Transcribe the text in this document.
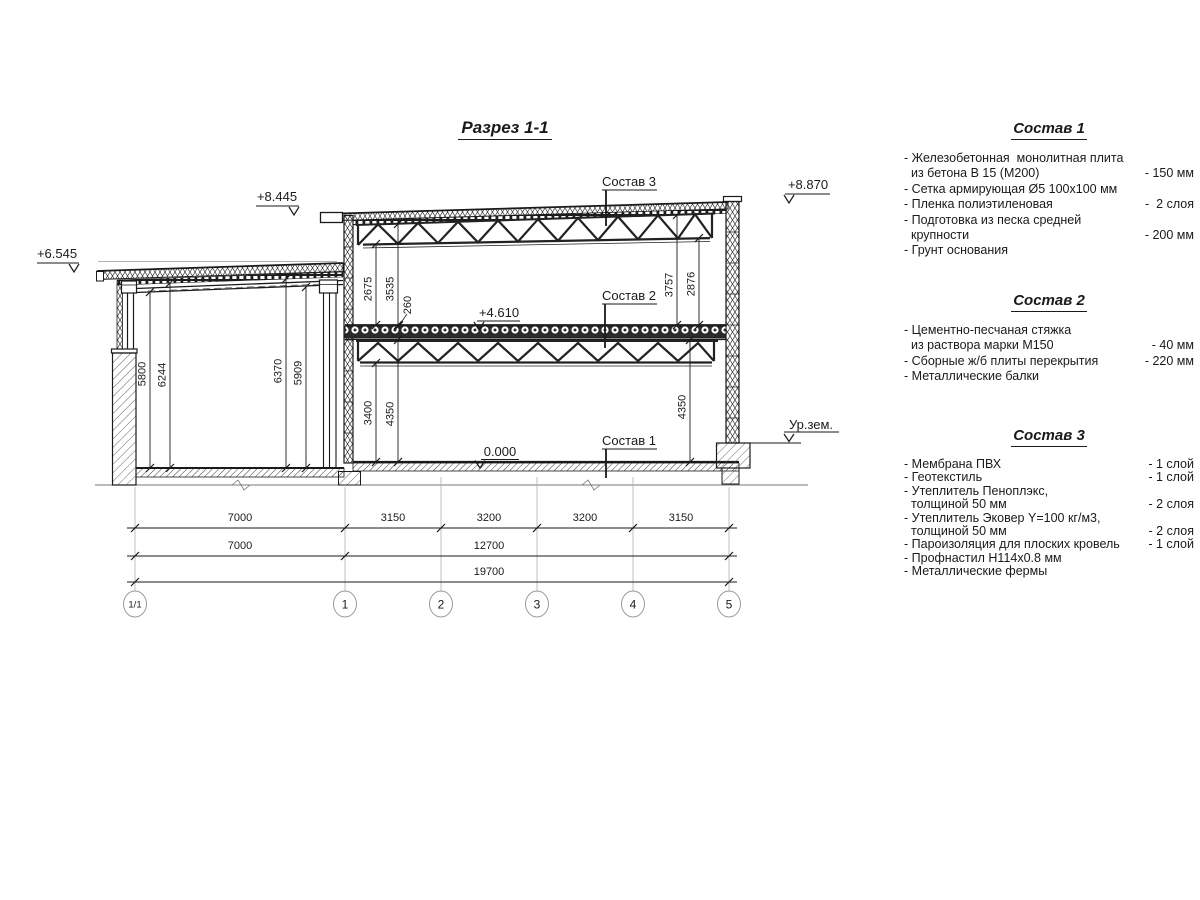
Разрез 1-1
+6.545
+8.445
+8.870
+4.610
0.000
Ур.зем.
Состав 3
Состав 2
Состав 1
5800 6244	6370 5909
2675 3535
260
3757 2876
3400 4350	4350
7000	3150	3200	3200	3150
7000	12700
19700
1/1	1	2	3	4	5
Состав 1
- Железобетонная  монолитная плита
из бетона В 15 (М200)	- 150 мм
- Сетка армирующая Ø5 100х100 мм
- Пленка полиэтиленовая	-  2 слоя
- Подготовка из песка средней
крупности	- 200 мм
- Грунт основания
Состав 2
- Цементно-песчаная стяжка
из раствора марки М150	- 40 мм
- Сборные ж/б плиты перекрытия	- 220 мм
- Металлические балки
Состав 3
- Мембрана ПВХ	- 1 слой
- Геотекстиль	- 1 слой
- Утеплитель Пеноплэкс,
толщиной 50 мм	- 2 слоя
- Утеплитель Эковер Y=100 кг/м3,
толщиной 50 мм	- 2 слоя
- Пароизоляция для плоских кровель - 1 слой
- Профнастил Н114х0.8 мм
- Металлические фермы
